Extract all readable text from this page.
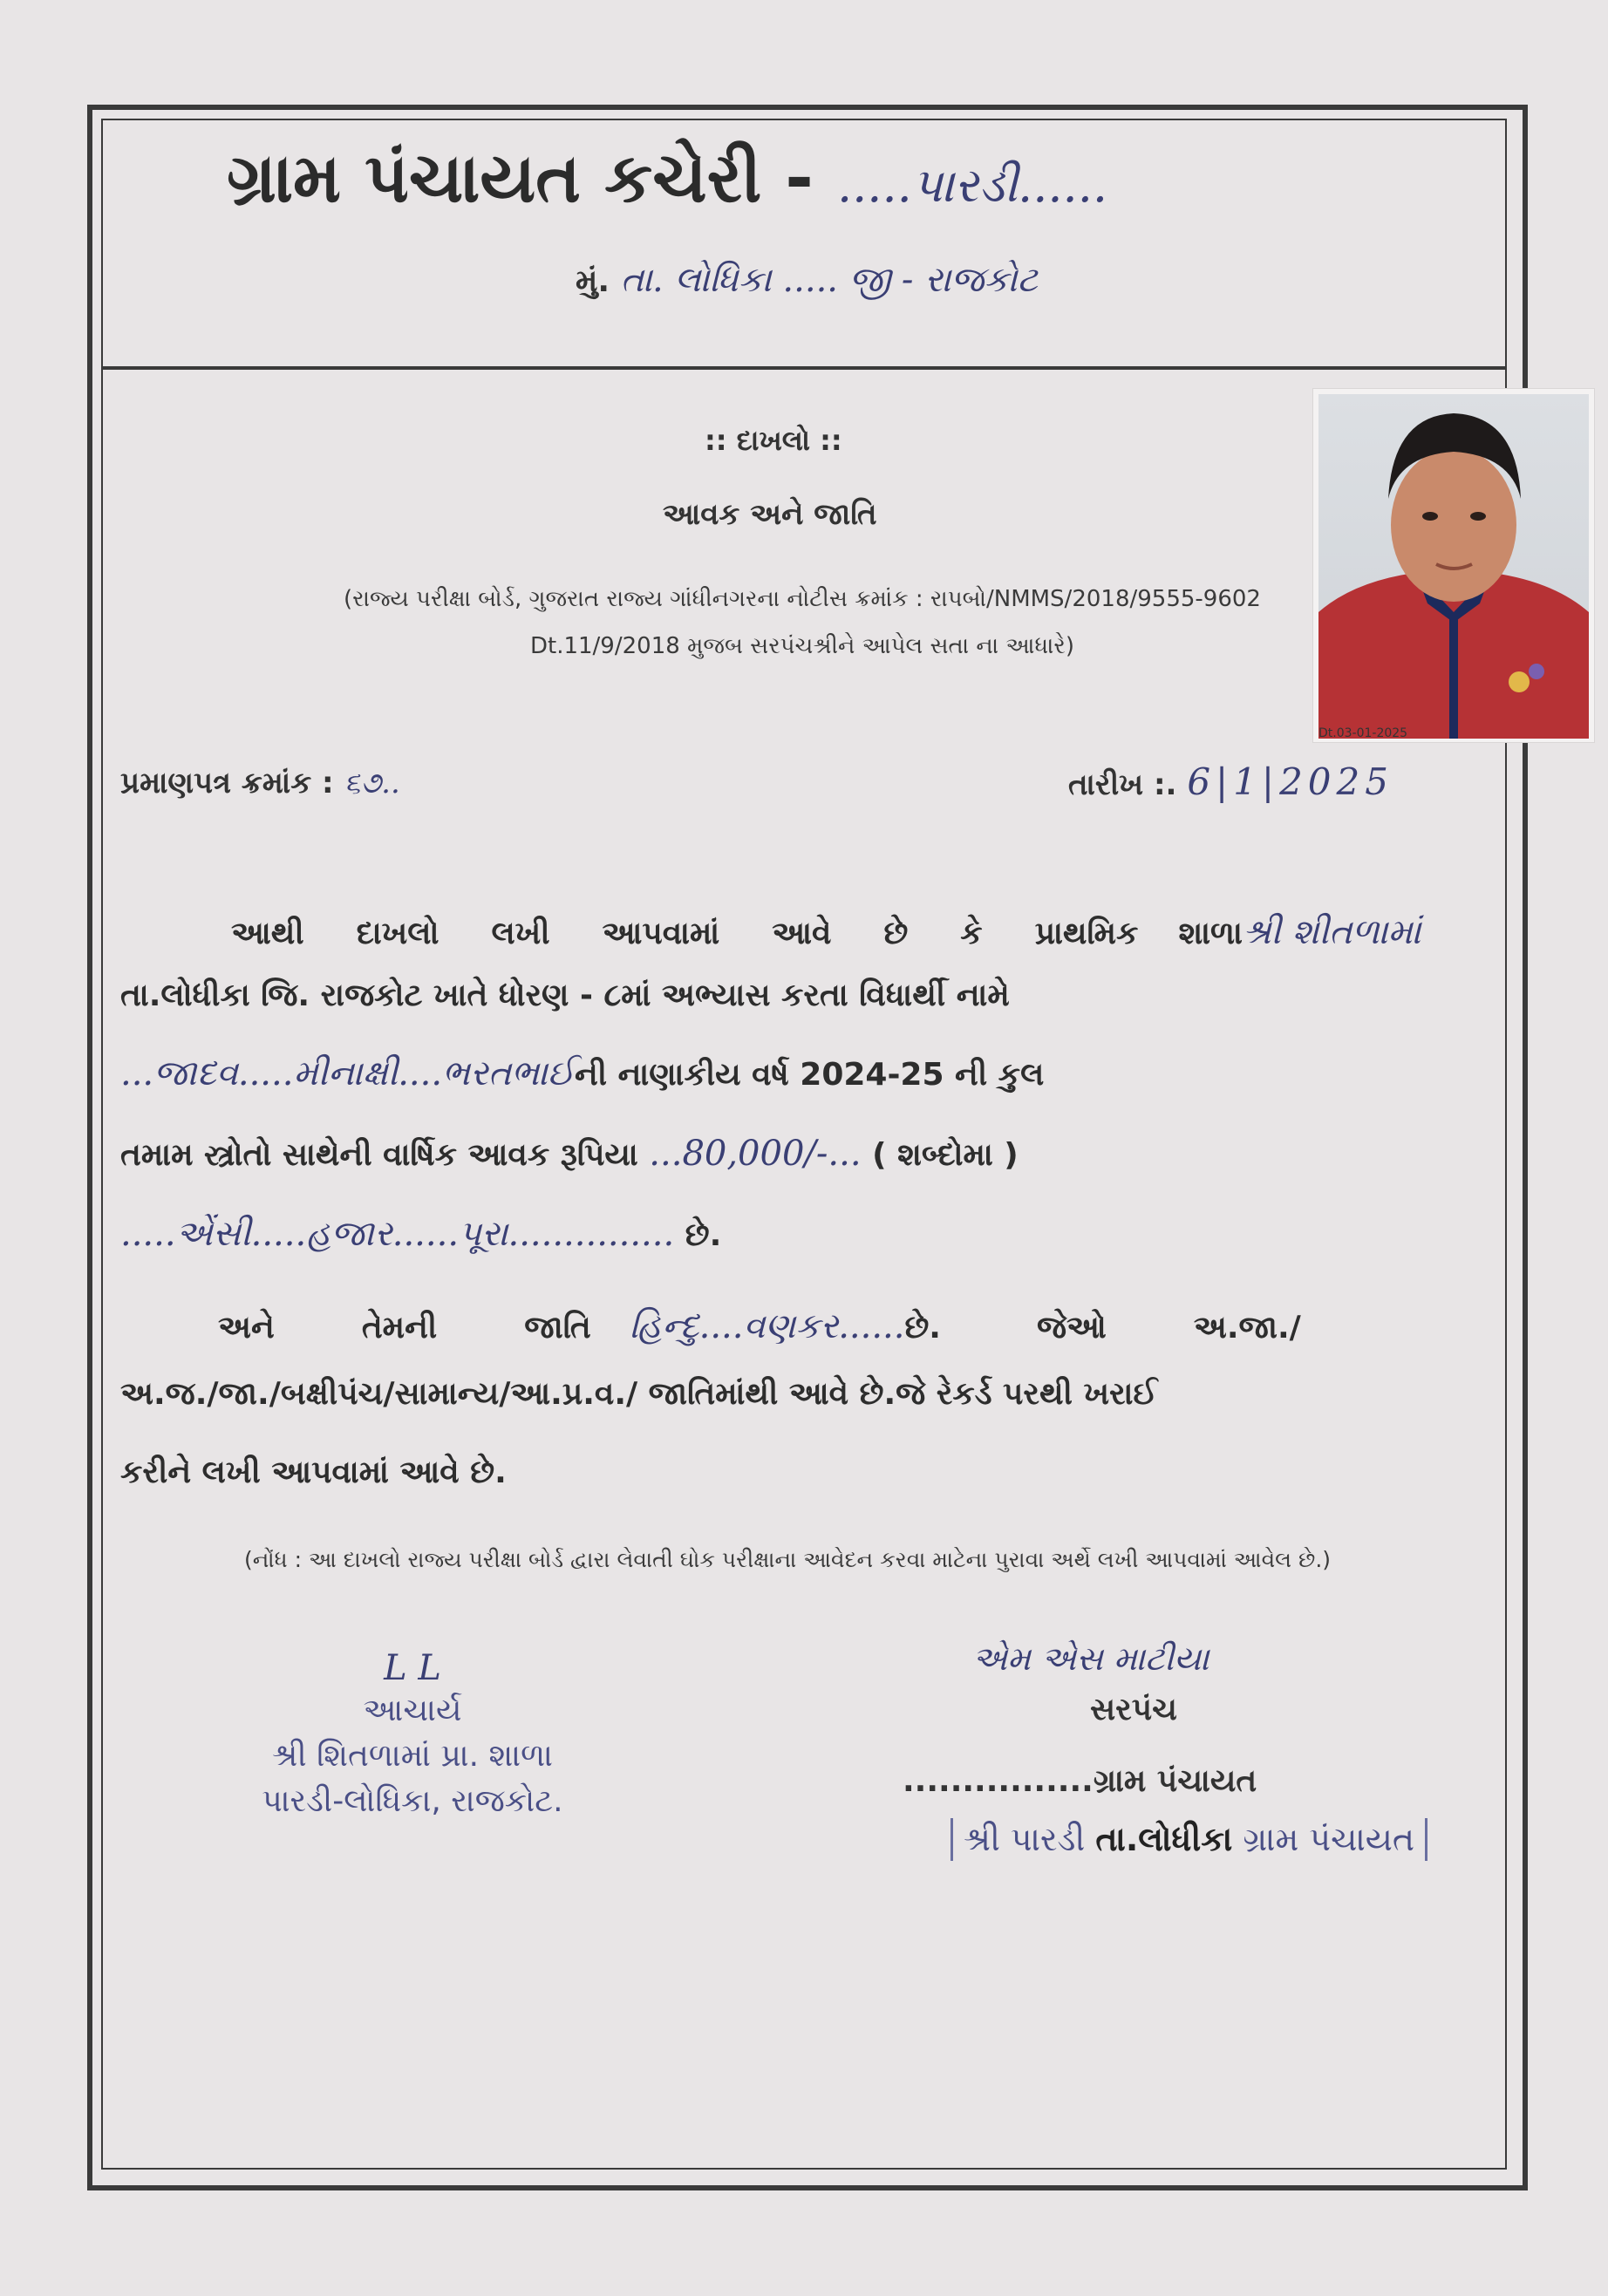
ગ્રામ પંચાયત કચેરી - .....પારડી......
મું. તા. લોધિકા ..... જી - રાજકોટ
:: દાખલો ::
આવક અને જાતિ
(રાજ્ય પરીક્ષા બોર્ડ, ગુજરાત રાજ્ય ગાંધીનગરના નોટીસ ક્રમાંક : રાપબો/NMMS/2018/9555-9602
Dt.11/9/2018 મુજબ સરપંચશ્રીને આપેલ સતા ના આધારે)
Dt.03-01-2025
પ્રમાણપત્ર ક્રમાંક : ૬૭..	તારીખ :. 6|1|2025
આથી દાખલો લખી આપવામાં આવે છે કે પ્રાથમિક શાળાશ્રી શીતળામાં
તા.લોધીકા જિ. રાજકોટ ખાતે ધોરણ - ૮માં અભ્યાસ કરતા વિધાર્થી નામે
...જાદવ.....મીનાક્ષી....ભરતભાઈની નાણાકીય વર્ષ 2024-25 ની કુલ
તમામ સ્ત્રોતો સાથેની વાર્ષિક આવક રૂપિયા ...80,000/-... ( શબ્દોમા )
.....એંસી.....હજાર......પૂરા............... છે.
અને	તેમની	જાતિ હિન્દુ....વણકર......છે.	જેઓ	અ.જા./
અ.જ./જા./બક્ષીપંચ/સામાન્ય/આ.પ્ર.વ./ જાતિમાંથી આવે છે.જે રેકર્ડ પરથી ખરાઈ
કરીને લખી આપવામાં આવે છે.
(નોંધ : આ દાખલો રાજ્ય પરીક્ષા બોર્ડ દ્વારા લેવાતી ઘોક પરીક્ષાના આવેદન કરવા માટેના પુરાવા અર્થે લખી આપવામાં આવેલ છે.)
L L
આચાર્ય
શ્રી શિતળામાં પ્રા. શાળા
પારડી-લોધિકા, રાજકોટ.
એમ એસ માટીયા
સરપંચ
................ગ્રામ પંચાયત
શ્રી પારડી તા.લોધીકા ગ્રામ પંચાયત
